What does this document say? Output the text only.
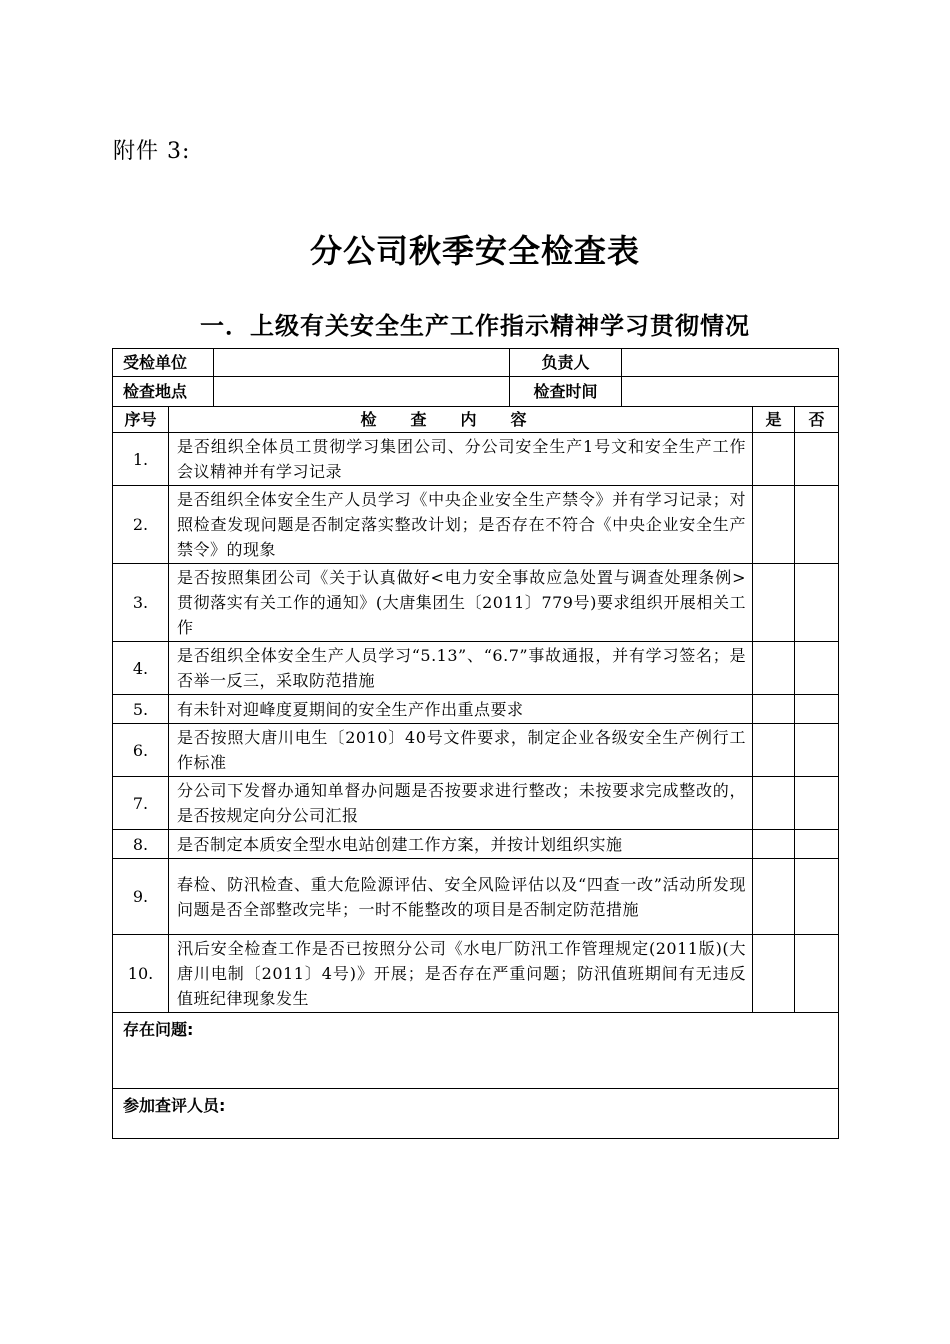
附件 3:
分公司秋季安全检查表
一．上级有关安全生产工作指示精神学习贯彻情况
受检单位			负责人			
检查地点			检查时间			
序号	检查内容				是	否
1.	是否组织全体员工贯彻学习集团公司、分公司安全生产1号文和安全生产工作会议精神并有学习记录					
2.	是否组织全体安全生产人员学习《中央企业安全生产禁令》并有学习记录；对照检查发现问题是否制定落实整改计划；是否存在不符合《中央企业安全生产禁令》的现象					
3.	是否按照集团公司《关于认真做好<电力安全事故应急处置与调查处理条例>贯彻落实有关工作的通知》(大唐集团生〔2011〕779号)要求组织开展相关工作					
4.	是否组织全体安全生产人员学习“5.13”、“6.7”事故通报，并有学习签名；是否举一反三，采取防范措施					
5.	有未针对迎峰度夏期间的安全生产作出重点要求					
6.	是否按照大唐川电生〔2010〕40号文件要求，制定企业各级安全生产例行工作标准					
7.	分公司下发督办通知单督办问题是否按要求进行整改；未按要求完成整改的，是否按规定向分公司汇报					
8.	是否制定本质安全型水电站创建工作方案，并按计划组织实施					
9.	春检、防汛检查、重大危险源评估、安全风险评估以及“四查一改”活动所发现问题是否全部整改完毕；一时不能整改的项目是否制定防范措施					
10.	汛后安全检查工作是否已按照分公司《水电厂防汛工作管理规定(2011版)(大唐川电制〔2011〕4号)》开展；是否存在严重问题；防汛值班期间有无违反值班纪律现象发生					
存在问题:						
参加查评人员:						
